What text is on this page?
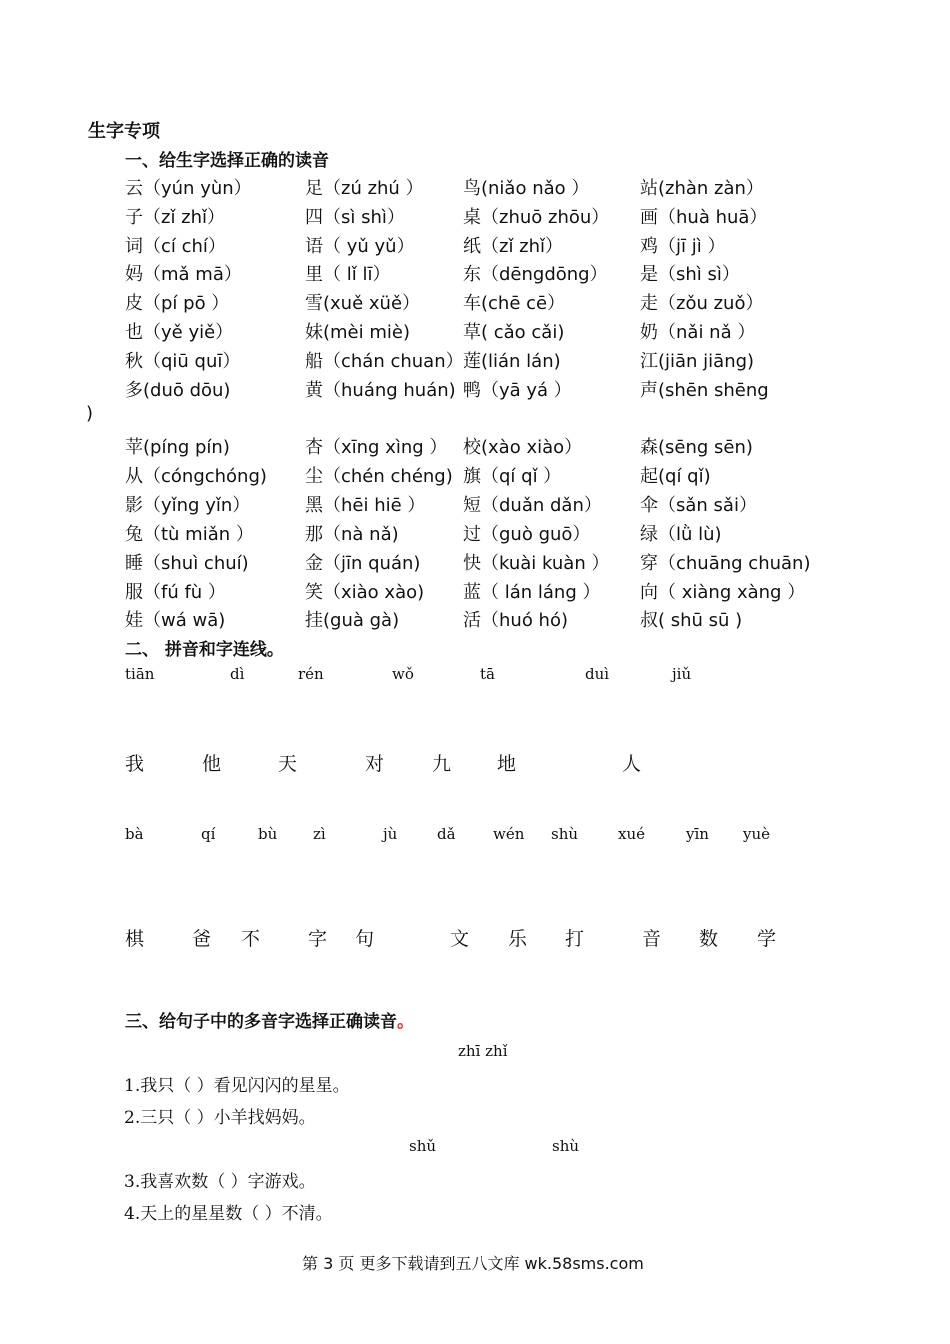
生字专项
一、给生字选择正确的读音
云（yún yùn）	足（zú zhú ） 鸟(niǎo nǎo ）	站(zhàn zàn）
子（zǐ zhǐ）	四（sì shì）	桌（zhuō zhōu） 画（huà huā）
词（cí chí）	语（ yǔ yǔ）	纸（zǐ zhǐ）	鸡（jī jì ）
妈（mǎ mā）	里（ lǐ lī）	东（dēngdōng） 是（shì sì）
皮（pí pō ）	雪(xuě xüě） 车(chē cē）	走（zǒu zuǒ）
也（yě yiě）	妹(mèi miè)	草( cǎo cǎi)	奶（nǎi nǎ ）
秋（qiū quī）	船（chán chuan） 莲(lián lán)	江(jiān jiāng)
多(duō dōu)	黄（huáng huán) 鸭（yā yá ）	声(shēn shēng
苹(píng pín)	杏（xīng xìng ） 校(xào xiào）	森(sēng sēn)
从（cóngchóng) 尘（chén chéng) 旗（qí qǐ ）	起(qí qǐ)
影（yǐng yǐn）	黑（hēi hiē ） 短（duǎn dǎn） 伞（sǎn sǎi）
兔（tù miǎn ）	那（nà nǎ)	过（guò guō）	绿（lǜ lù)
睡（shuì chuí)	金（jīn quán) 快（kuài kuàn ） 穿（chuāng chuān)
服（fú fù ）	笑（xiào xào) 蓝（ lán láng ） 向（ xiàng xàng ）
娃（wá wā)	挂(guà gà)	活（huó hó)	叔( shū sū )
)
二、 拼音和字连线。
tiān	dì	rén	wǒ	tā	duì	jiǔ
我	他	天	对	九 地	人
bà	qí	bù zì	jù	dǎ wén shù	xué	yīn yuè
棋	爸 不	字 句	文 乐 打	音 数 学
三、给句子中的多音字选择正确读音。
zhī zhǐ
1.我只（ ）看见闪闪的星星。
2.三只（ ）小羊找妈妈。
shǔ	shù
3.我喜欢数（ ）字游戏。
4.天上的星星数（ ）不清。
第 3 页 更多下载请到五八文库 wk.58sms.com
